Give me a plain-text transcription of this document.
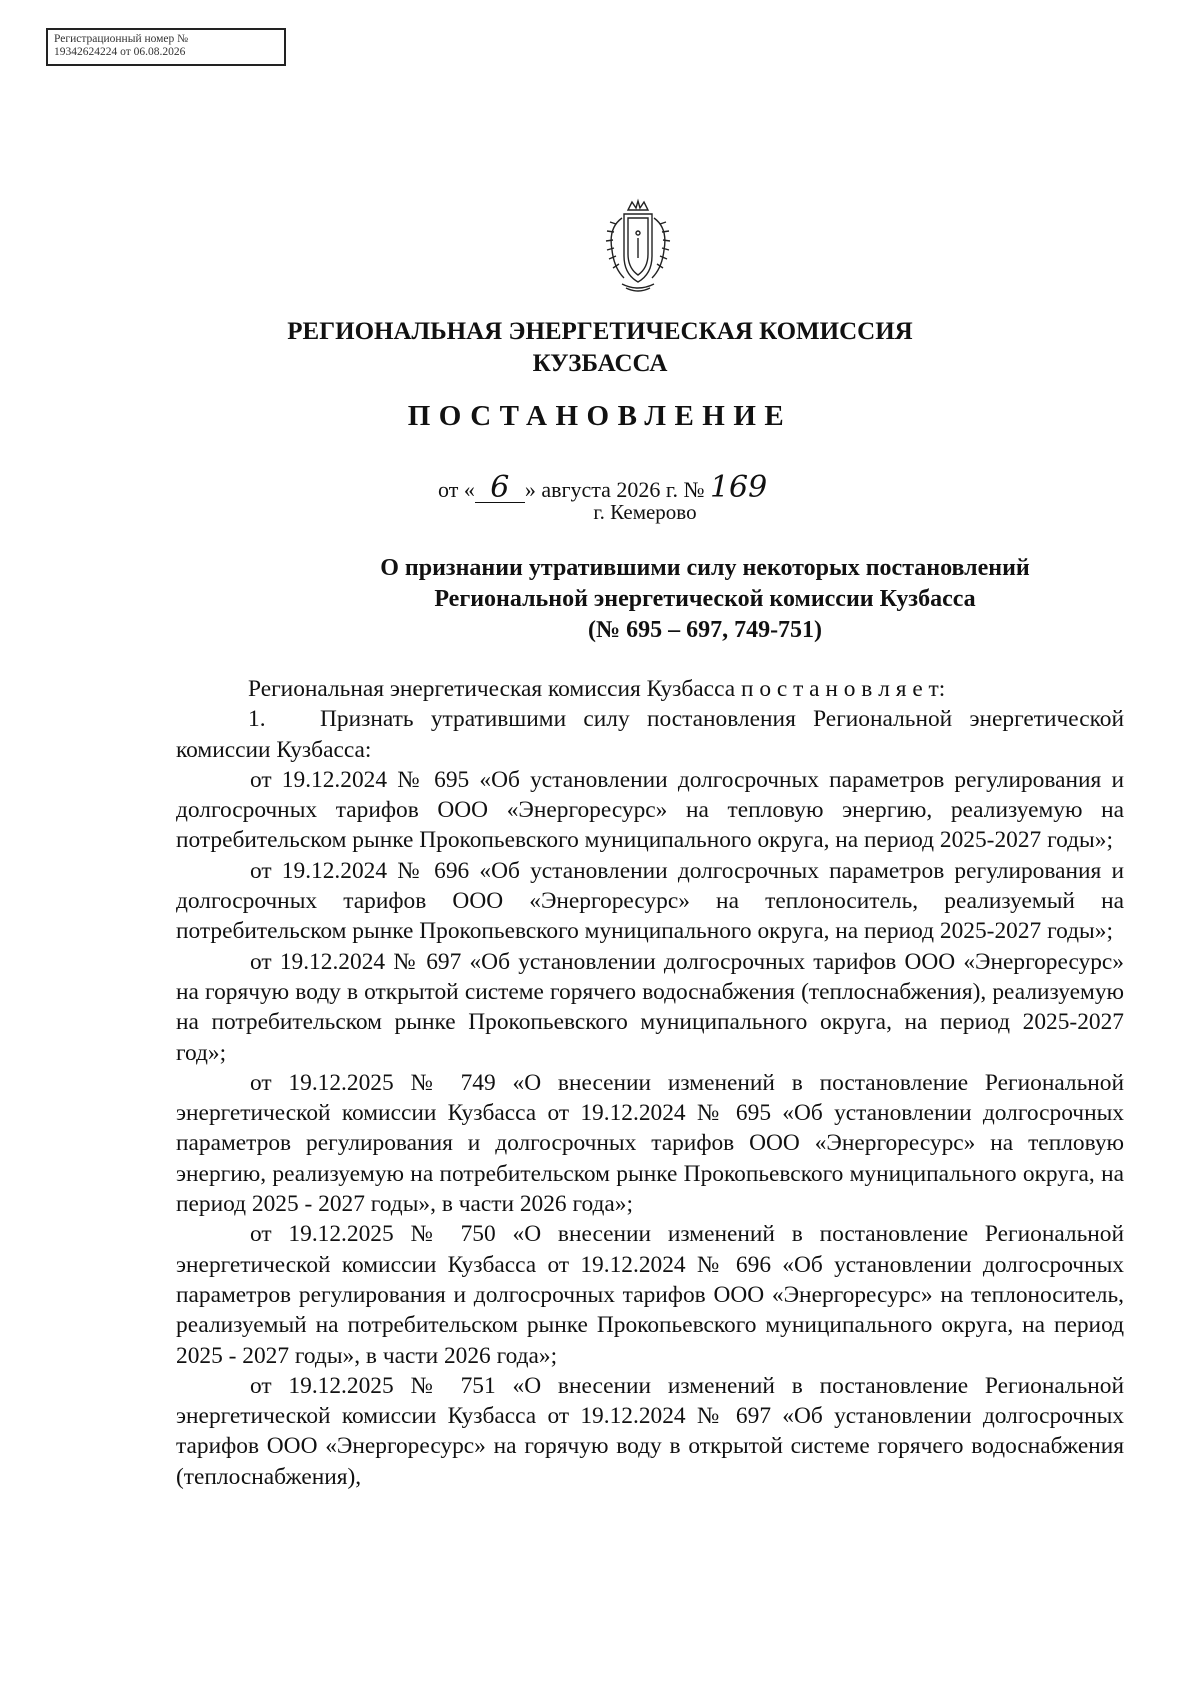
Регистрационный номер №
19342624224 от 06.08.2026
РЕГИОНАЛЬНАЯ ЭНЕРГЕТИЧЕСКАЯ КОМИССИЯ
КУЗБАССА
ПОСТАНОВЛЕНИЕ
от « 6 » августа 2026 г. № 169
г. Кемерово
О признании утратившими силу некоторых постановлений
Региональной энергетической комиссии Кузбасса
(№ 695 – 697, 749-751)

Региональная энергетическая комиссия Кузбасса п о с т а н о в л я е т:

1. Признать утратившими силу постановления Региональной энергетической комиссии Кузбасса:

от 19.12.2024 № 695 «Об установлении долгосрочных параметров регулирования и долгосрочных тарифов ООО «Энергоресурс» на тепловую энергию, реализуемую на потребительском рынке Прокопьевского муниципального округа, на период 2025-2027 годы»;

от 19.12.2024 № 696 «Об установлении долгосрочных параметров регулирования и долгосрочных тарифов ООО «Энергоресурс» на теплоноситель, реализуемый на потребительском рынке Прокопьевского муниципального округа, на период 2025-2027 годы»;

от 19.12.2024 № 697 «Об установлении долгосрочных тарифов ООО «Энергоресурс» на горячую воду в открытой системе горячего водоснабжения (теплоснабжения), реализуемую на потребительском рынке Прокопьевского муниципального округа, на период 2025-2027 год»;

от 19.12.2025 № 749 «О внесении изменений в постановление Региональной энергетической комиссии Кузбасса от 19.12.2024 № 695 «Об установлении долгосрочных параметров регулирования и долгосрочных тарифов ООО «Энергоресурс» на тепловую энергию, реализуемую на потребительском рынке Прокопьевского муниципального округа, на период 2025 - 2027 годы», в части 2026 года»;

от 19.12.2025 № 750 «О внесении изменений в постановление Региональной энергетической комиссии Кузбасса от 19.12.2024 № 696 «Об установлении долгосрочных параметров регулирования и долгосрочных тарифов ООО «Энергоресурс» на теплоноситель, реализуемый на потребительском рынке Прокопьевского муниципального округа, на период 2025 - 2027 годы», в части 2026 года»;

от 19.12.2025 № 751 «О внесении изменений в постановление Региональной энергетической комиссии Кузбасса от 19.12.2024 № 697 «Об установлении долгосрочных тарифов ООО «Энергоресурс» на горячую воду в открытой системе горячего водоснабжения (теплоснабжения),
